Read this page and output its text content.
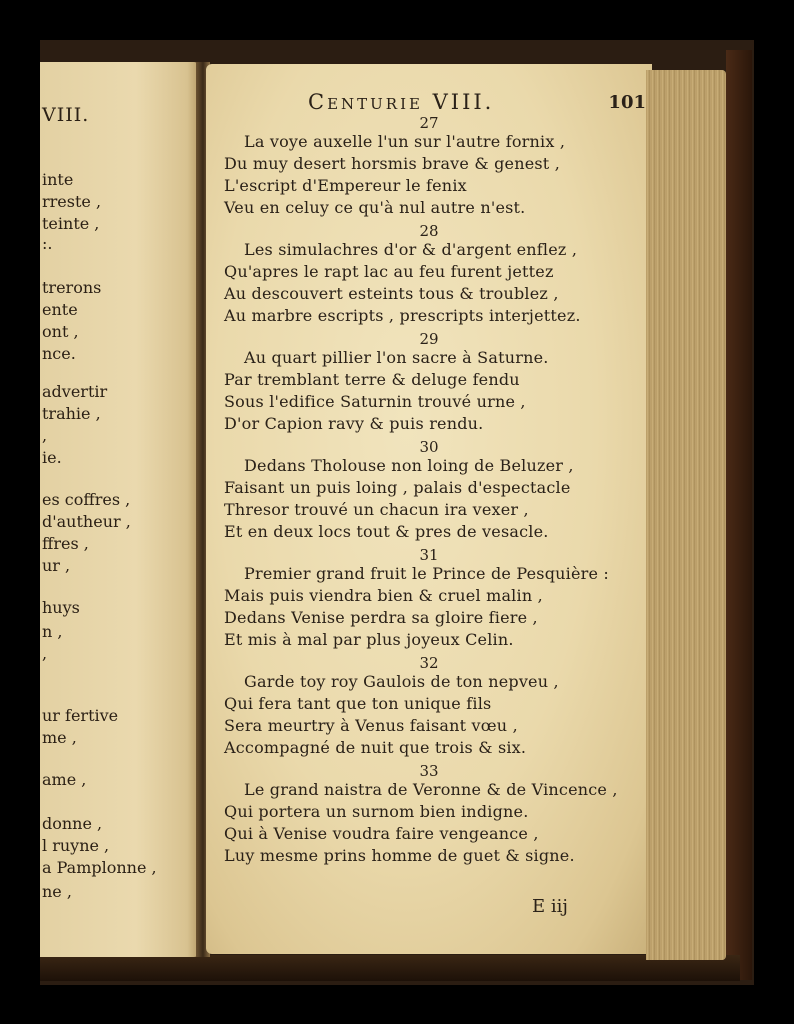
VIII.
inte
rreste ,
teinte ,
:.
trerons
ente
ont ,
nce.
advertir
trahie ,
,
ie.
es coffres ,
d'autheur ,
ffres ,
ur ,
huys
n ,
,
ur fertive
me ,
ame ,
donne ,
l ruyne ,
a Pamplonne ,
ne ,
Centurie VIII.	101
27
La voye auxelle l'un sur l'autre fornix ,
Du muy desert horsmis brave & genest ,
L'escript d'Empereur le fenix
Veu en celuy ce qu'à nul autre n'est.
28
Les simulachres d'or & d'argent enflez ,
Qu'apres le rapt lac au feu furent jettez
Au descouvert esteints tous & troublez ,
Au marbre escripts , prescripts interjettez.
29
Au quart pillier l'on sacre à Saturne.
Par tremblant terre & deluge fendu
Sous l'edifice Saturnin trouvé urne ,
D'or Capion ravy & puis rendu.
30
Dedans Tholouse non loing de Beluzer ,
Faisant un puis loing , palais d'espectacle
Thresor trouvé un chacun ira vexer ,
Et en deux locs tout & pres de vesacle.
31
Premier grand fruit le Prince de Pesquière :
Mais puis viendra bien & cruel malin ,
Dedans Venise perdra sa gloire fiere ,
Et mis à mal par plus joyeux Celin.
32
Garde toy roy Gaulois de ton nepveu ,
Qui fera tant que ton unique fils
Sera meurtry à Venus faisant vœu ,
Accompagné de nuit que trois & six.
33
Le grand naistra de Veronne & de Vincence ,
Qui portera un surnom bien indigne.
Qui à Venise voudra faire vengeance ,
Luy mesme prins homme de guet & signe.
E iij
